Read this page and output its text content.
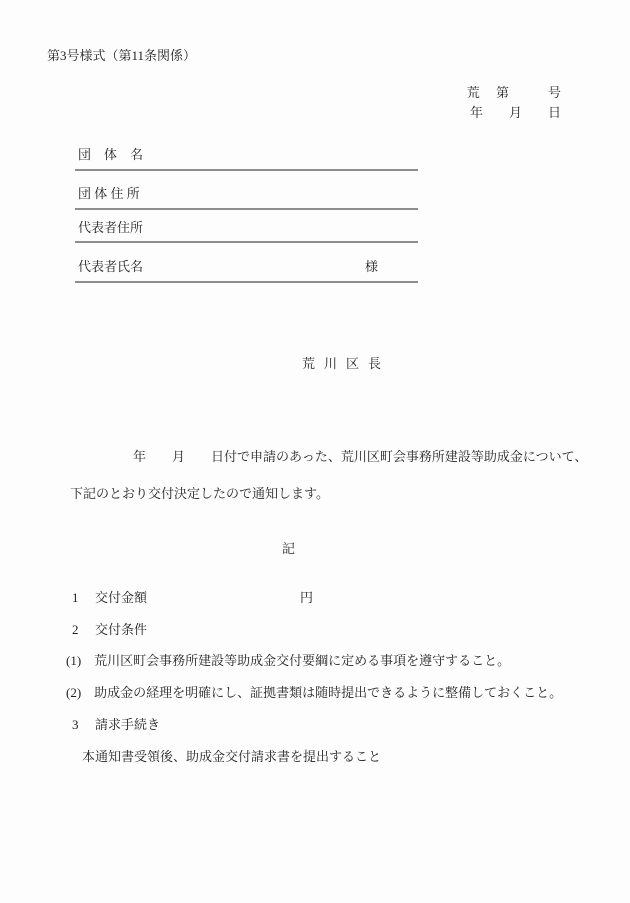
第3号様式（第11条関係）
荒　 第　　　号
年　　月　　日
団　体　名
団 体 住 所
代表者住所
代表者氏名	様
荒川区長
年　　月　　日付で申請のあった、荒川区町会事務所建設等助成金について、
下記のとおり交付決定したので通知します。
記
1 交付金額	円
2 交付条件
(1)　荒川区町会事務所建設等助成金交付要綱に定める事項を遵守すること。
(2)　助成金の経理を明確にし、証拠書類は随時提出できるように整備しておくこと。
3 請求手続き
本通知書受領後、助成金交付請求書を提出すること
